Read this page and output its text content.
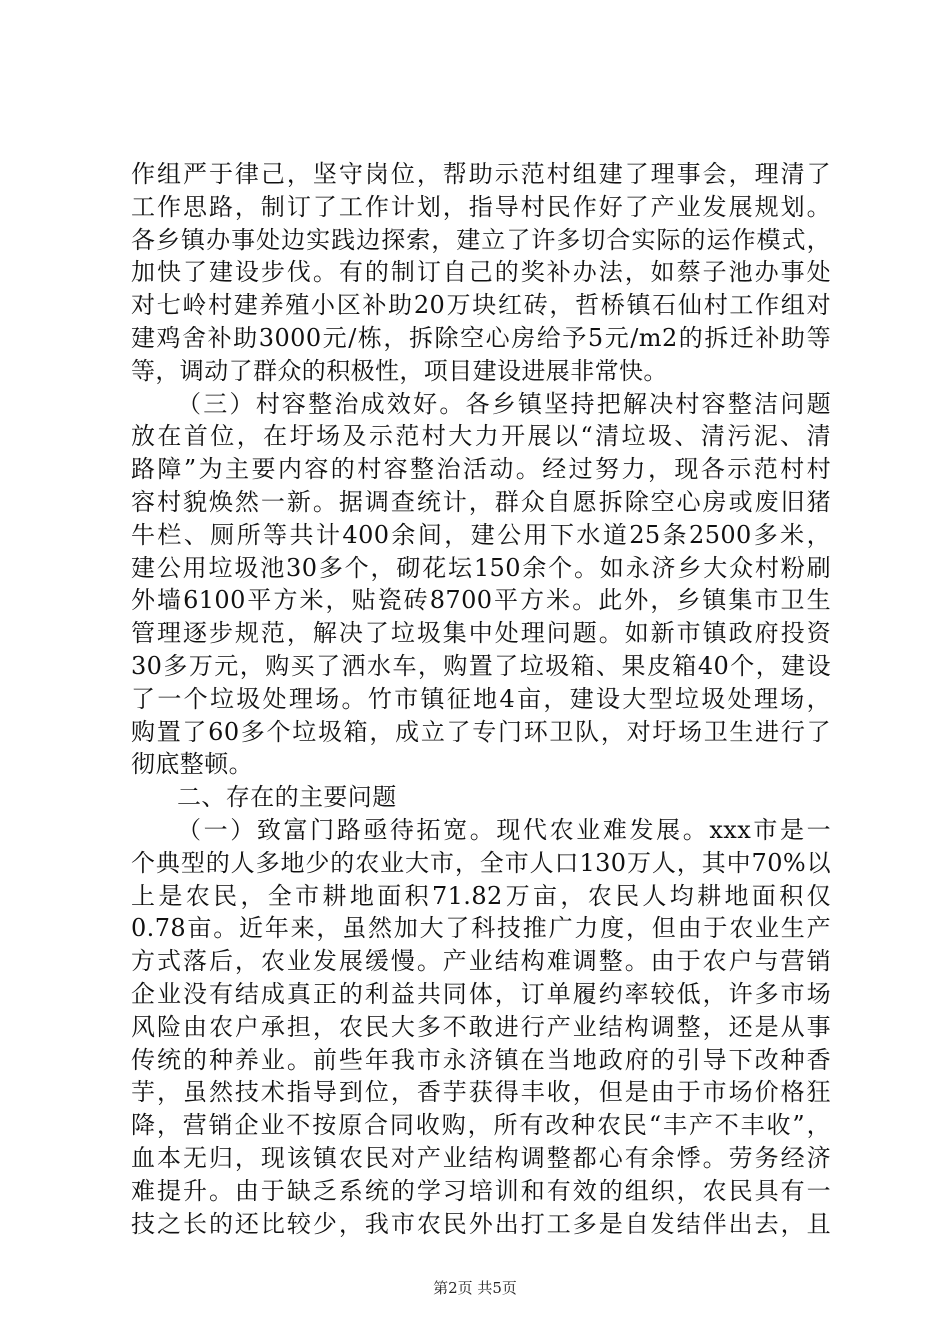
作组严于律己，坚守岗位，帮助示范村组建了理事会，理清了
工作思路，制订了工作计划，指导村民作好了产业发展规划。
各乡镇办事处边实践边探索，建立了许多切合实际的运作模式，
加快了建设步伐。有的制订自己的奖补办法，如蔡子池办事处
对七岭村建养殖小区补助20万块红砖，哲桥镇石仙村工作组对
建鸡舍补助3000元/栋，拆除空心房给予5元/m2的拆迁补助等
等，调动了群众的积极性，项目建设进展非常快。
（三）村容整治成效好。各乡镇坚持把解决村容整洁问题
放在首位，在圩场及示范村大力开展以“清垃圾、清污泥、清
路障”为主要内容的村容整治活动。经过努力，现各示范村村
容村貌焕然一新。据调查统计，群众自愿拆除空心房或废旧猪
牛栏、厕所等共计400余间，建公用下水道25条2500多米，
建公用垃圾池30多个，砌花坛150余个。如永济乡大众村粉刷
外墙6100平方米，贴瓷砖8700平方米。此外，乡镇集市卫生
管理逐步规范，解决了垃圾集中处理问题。如新市镇政府投资
30多万元，购买了洒水车，购置了垃圾箱、果皮箱40个，建设
了一个垃圾处理场。竹市镇征地4亩，建设大型垃圾处理场，
购置了60多个垃圾箱，成立了专门环卫队，对圩场卫生进行了
彻底整顿。
二、存在的主要问题
（一）致富门路亟待拓宽。现代农业难发展。xxx市是一
个典型的人多地少的农业大市，全市人口130万人，其中70%以
上是农民，全市耕地面积71.82万亩，农民人均耕地面积仅
0.78亩。近年来，虽然加大了科技推广力度，但由于农业生产
方式落后，农业发展缓慢。产业结构难调整。由于农户与营销
企业没有结成真正的利益共同体，订单履约率较低，许多市场
风险由农户承担，农民大多不敢进行产业结构调整，还是从事
传统的种养业。前些年我市永济镇在当地政府的引导下改种香
芋，虽然技术指导到位，香芋获得丰收，但是由于市场价格狂
降，营销企业不按原合同收购，所有改种农民“丰产不丰收”，
血本无归，现该镇农民对产业结构调整都心有余悸。劳务经济
难提升。由于缺乏系统的学习培训和有效的组织，农民具有一
技之长的还比较少，我市农民外出打工多是自发结伴出去，且
第2页 共5页
